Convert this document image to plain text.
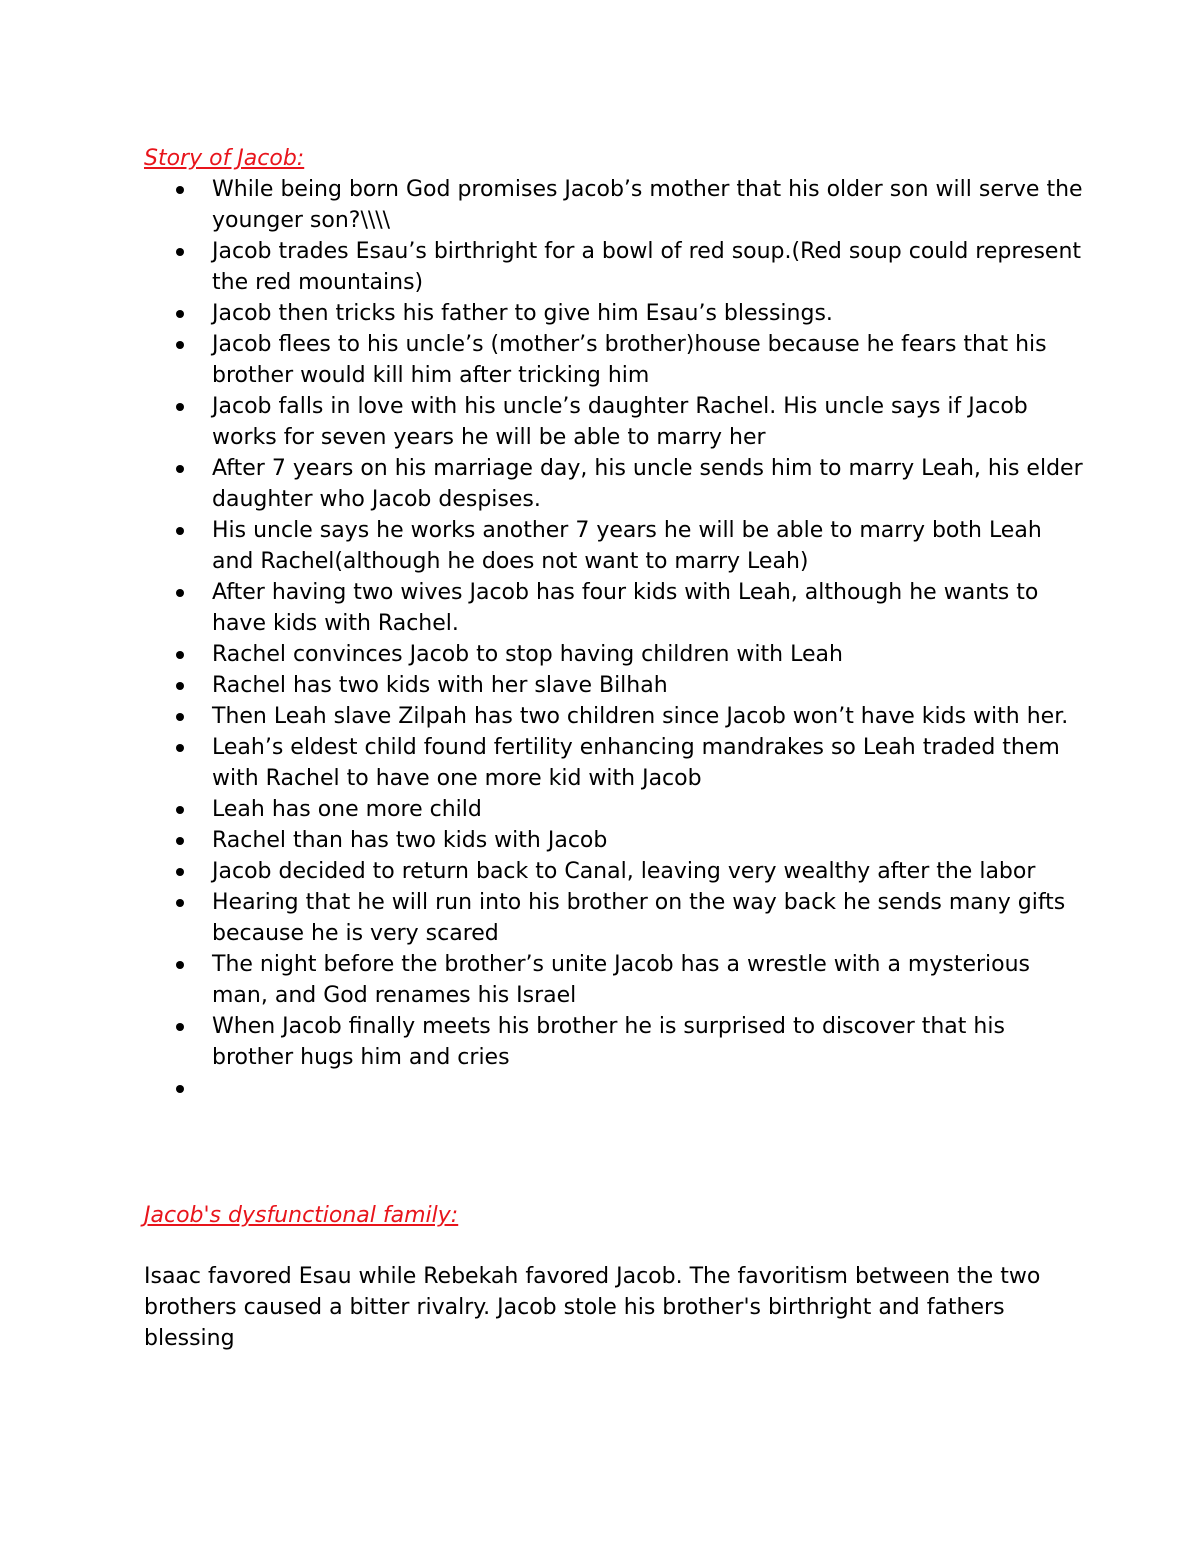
Story of Jacob:
While being born God promises Jacob’s mother that his older son will serve the younger son?\\\\
Jacob trades Esau’s birthright for a bowl of red soup.(Red soup could represent the red mountains)
Jacob then tricks his father to give him Esau’s blessings.
Jacob flees to his uncle’s (mother’s brother)house because he fears that his brother would kill him after tricking him
Jacob falls in love with his uncle’s daughter Rachel. His uncle says if Jacob works for seven years he will be able to marry her
After 7 years on his marriage day, his uncle sends him to marry Leah, his elder daughter who Jacob despises.
His uncle says he works another 7 years he will be able to marry both Leah and Rachel(although he does not want to marry Leah)
After having two wives Jacob has four kids with Leah, although he wants to have kids with Rachel.
Rachel convinces Jacob to stop having children with Leah
Rachel has two kids with her slave Bilhah
Then Leah slave Zilpah has two children since Jacob won’t have kids with her.
Leah’s eldest child found fertility enhancing mandrakes so Leah traded them with Rachel to have one more kid with Jacob
Leah has one more child
Rachel than has two kids with Jacob
Jacob decided to return back to Canal, leaving very wealthy after the labor
Hearing that he will run into his brother on the way back he sends many gifts because he is very scared
The night before the brother’s unite Jacob has a wrestle with a mysterious man, and God renames his Israel
When Jacob finally meets his brother he is surprised to discover that his brother hugs him and cries
Jacob's dysfunctional family:

Isaac favored Esau while Rebekah favored Jacob. The favoritism between the two brothers caused a bitter rivalry. Jacob stole his brother's birthright and fathers blessing
